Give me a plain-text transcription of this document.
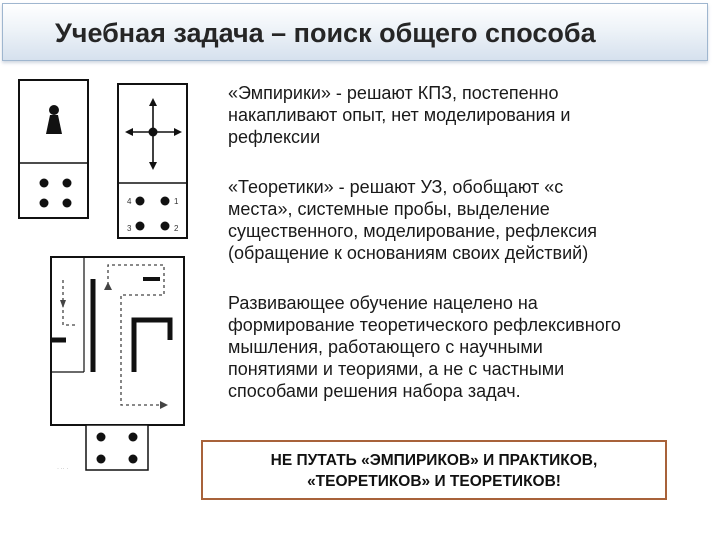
Учебная задача – поиск общего способа
4	1
3	2
· ·· ·
«Эмпирики» - решают КПЗ, постепенно
накапливают опыт, нет моделирования и
рефлексии
«Теоретики» - решают УЗ, обобщают «с
места», системные пробы, выделение
существенного, моделирование, рефлексия
(обращение к основаниям своих действий)
Развивающее обучение нацелено на
формирование теоретического рефлексивного
мышления, работающего с научными
понятиями и теориями, а не с частными
способами решения набора задач.
НЕ ПУТАТЬ «ЭМПИРИКОВ» И ПРАКТИКОВ,
«ТЕОРЕТИКОВ» И ТЕОРЕТИКОВ!
